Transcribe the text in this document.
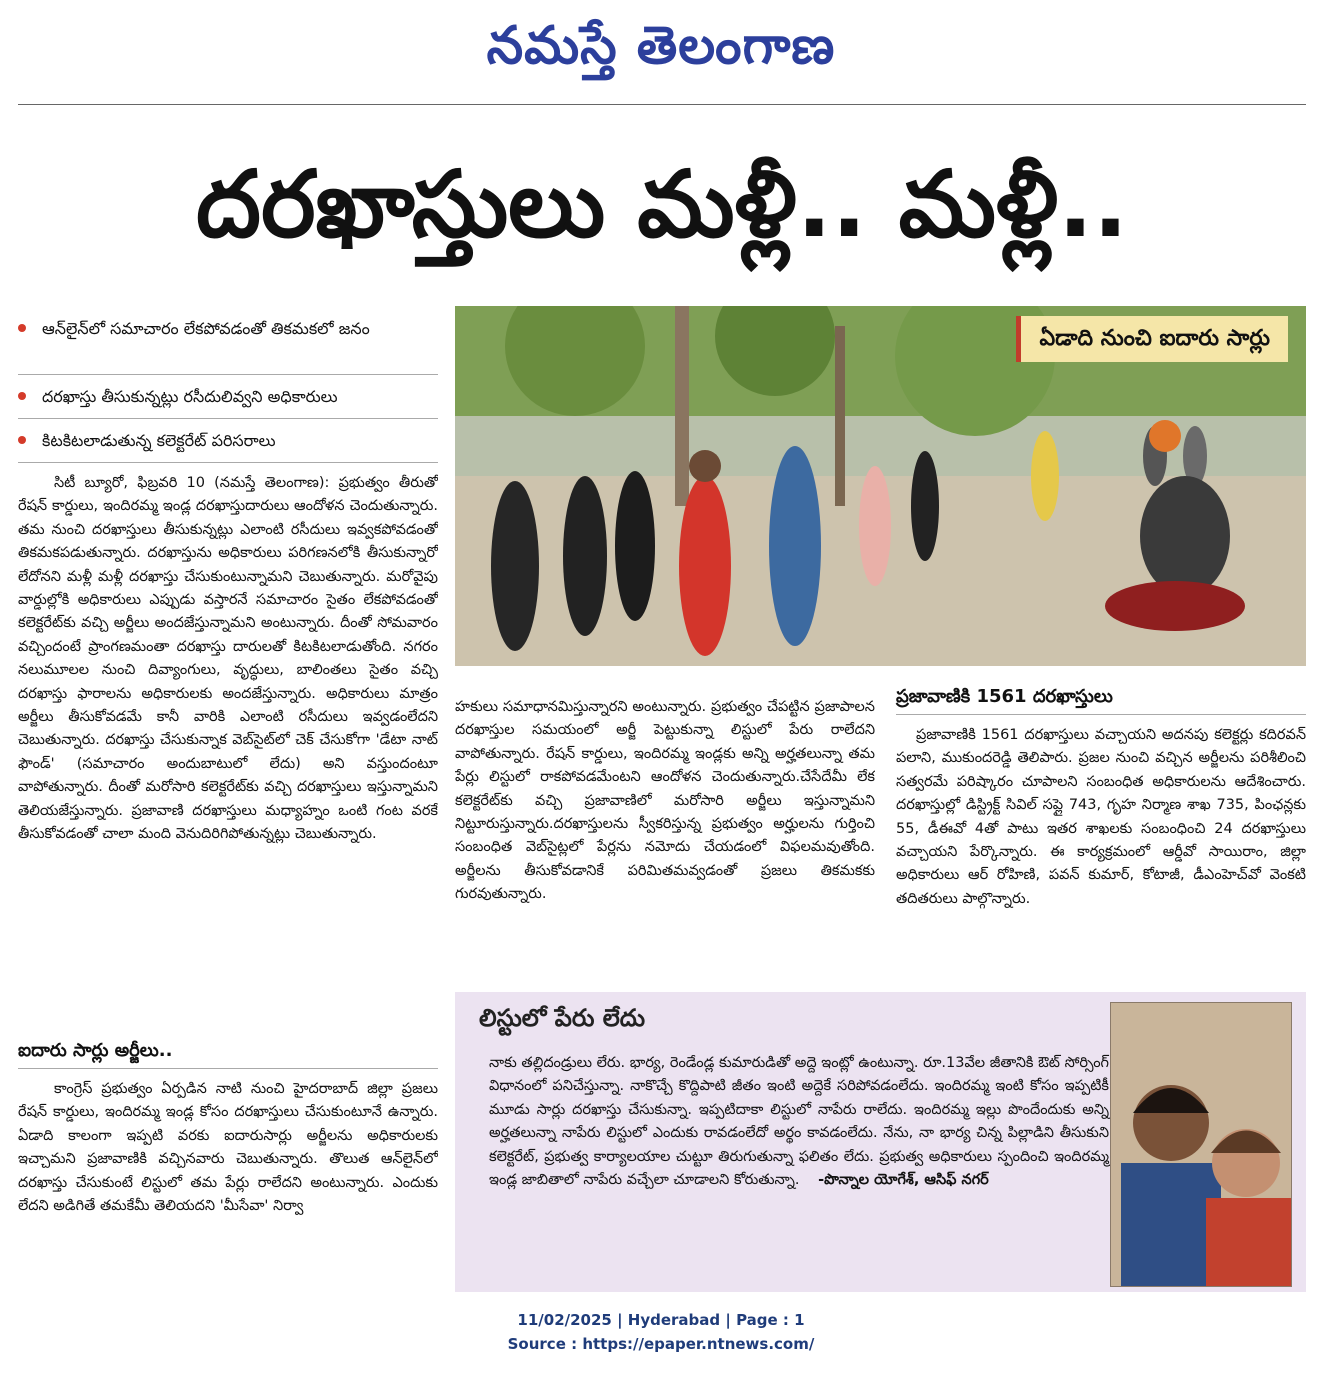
నమస్తే తెలంగాణ
దరఖాస్తులు మళ్లీ.. మళ్లీ..
ఆన్‌లైన్‌లో సమాచారం లేకపోవడంతో తికమకలో జనం
దరఖాస్తు తీసుకున్నట్లు రసీదులివ్వని అధికారులు
కిటకిటలాడుతున్న కలెక్టరేట్‌ పరిసరాలు
సిటీ బ్యూరో, ఫిబ్రవరి 10 (నమస్తే తెలంగాణ): ప్రభుత్వం తీరుతో రేషన్‌ కార్డులు, ఇందిరమ్మ ఇండ్ల దరఖాస్తుదారులు ఆందోళన చెందుతున్నారు. తమ నుంచి దరఖాస్తులు తీసుకున్నట్లు ఎలాంటి రసీదులు ఇవ్వకపోవడంతో తికమకపడుతున్నారు. దరఖాస్తును అధికారులు పరిగణనలోకి తీసుకున్నారో లేదోనని మళ్లీ మళ్లీ దరఖాస్తు చేసుకుంటున్నామని చెబుతున్నారు. మరోవైపు వార్డుల్లోకి అధికారులు ఎప్పుడు వస్తారనే సమాచారం సైతం లేకపోవడంతో కలెక్టరేట్‌కు వచ్చి అర్జీలు అందజేస్తున్నామని అంటున్నారు. దీంతో సోమవారం వచ్చిందంటే ప్రాంగణమంతా దరఖాస్తు దారులతో కిటకిటలాడుతోంది. నగరం నలుమూలల నుంచి దివ్యాంగులు, వృద్ధులు, బాలింతలు సైతం వచ్చి దరఖాస్తు ఫారాలను అధికారులకు అందజేస్తున్నారు. అధికారులు మాత్రం అర్జీలు తీసుకోవడమే కానీ వారికి ఎలాంటి రసీదులు ఇవ్వడంలేదని చెబుతున్నారు. దరఖాస్తు చేసుకున్నాక వెబ్‌సైట్‌లో చెక్‌ చేసుకోగా 'డేటా నాట్‌ ఫౌండ్‌' (సమాచారం అందుబాటులో లేదు) అని వస్తుందంటూ వాపోతున్నారు. దీంతో మరోసారి కలెక్టరేట్‌కు వచ్చి దరఖాస్తులు ఇస్తున్నామని తెలియజేస్తున్నారు. ప్రజావాణి దరఖాస్తులు మధ్యాహ్నం ఒంటి గంట వరకే తీసుకోవడంతో చాలా మంది వెనుదిరిగిపోతున్నట్లు చెబుతున్నారు.
ఐదారు సార్లు అర్జీలు..
కాంగ్రెస్‌ ప్రభుత్వం ఏర్పడిన నాటి నుంచి హైదరాబాద్‌ జిల్లా ప్రజలు రేషన్‌ కార్డులు, ఇందిరమ్మ ఇండ్ల కోసం దరఖాస్తులు చేసుకుంటూనే ఉన్నారు. ఏడాది కాలంగా ఇప్పటి వరకు ఐదారుసార్లు అర్జీలను అధికారులకు ఇచ్చామని ప్రజావాణికి వచ్చినవారు చెబుతున్నారు. తొలుత ఆన్‌లైన్‌లో దరఖాస్తు చేసుకుంటే లిస్టులో తమ పేర్లు రాలేదని అంటున్నారు. ఎందుకు లేదని అడిగితే తమకేమీ తెలియదని 'మీసేవా' నిర్వా
ఏడాది నుంచి ఐదారు సార్లు
హకులు సమాధానమిస్తున్నారని అంటున్నారు. ప్రభుత్వం చేపట్టిన ప్రజాపాలన దరఖాస్తుల సమయంలో అర్జీ పెట్టుకున్నా లిస్టులో పేరు రాలేదని వాపోతున్నారు. రేషన్‌ కార్డులు, ఇందిరమ్మ ఇండ్లకు అన్ని అర్హతలున్నా తమ పేర్లు లిస్టులో రాకపోవడమేంటని ఆందోళన చెందుతున్నారు.చేసేదేమీ లేక కలెక్టరేట్‌కు వచ్చి ప్రజావాణిలో మరోసారి అర్జీలు ఇస్తున్నామని నిట్టూరుస్తున్నారు.దరఖాస్తులను స్వీకరిస్తున్న ప్రభుత్వం అర్హులను గుర్తించి సంబంధిత వెబ్‌సైట్లలో పేర్లను నమోదు చేయడంలో విఫలమవుతోంది. అర్జీలను తీసుకోవడానికే పరిమితమవ్వడంతో ప్రజలు తికమకకు గురవుతున్నారు.
ప్రజావాణికి 1561 దరఖాస్తులు
ప్రజావాణికి 1561 దరఖాస్తులు వచ్చాయని అదనపు కలెక్టర్లు కదిరవన్‌ పలాని, ముకుందరెడ్డి తెలిపారు. ప్రజల నుంచి వచ్చిన అర్జీలను పరిశీలించి సత్వరమే పరిష్కారం చూపాలని సంబంధిత అధికారులను ఆదేశించారు. దరఖాస్తుల్లో డిస్ట్రిక్ట్‌ సివిల్‌ సప్లై 743, గృహ నిర్మాణ శాఖ 735, పింఛన్లకు 55, డీఈవో 4తో పాటు ఇతర శాఖలకు సంబంధించి 24 దరఖాస్తులు వచ్చాయని పేర్కొన్నారు. ఈ కార్యక్రమంలో ఆర్డీవో సాయిరాం, జిల్లా అధికారులు ఆర్‌ రోహిణి, పవన్‌ కుమార్‌, కోటాజీ, డీఎంహెచ్‌వో వెంకటి తదితరులు పాల్గొన్నారు.
లిస్టులో పేరు లేదు
నాకు తల్లిదండ్రులు లేరు. భార్య, రెండేండ్ల కుమారుడితో అద్దె ఇంట్లో ఉంటున్నా. రూ.13వేల జీతానికి ఔట్‌ సోర్సింగ్‌ విధానంలో పనిచేస్తున్నా. నాకొచ్చే కొద్దిపాటి జీతం ఇంటి అద్దెకే సరిపోవడంలేదు. ఇందిరమ్మ ఇంటి కోసం ఇప్పటికీ మూడు సార్లు దరఖాస్తు చేసుకున్నా. ఇప్పటిదాకా లిస్టులో నాపేరు రాలేదు. ఇందిరమ్మ ఇల్లు పొందేందుకు అన్ని అర్హతలున్నా నాపేరు లిస్టులో ఎందుకు రావడంలేదో అర్థం కావడంలేదు. నేను, నా భార్య చిన్న పిల్లాడిని తీసుకుని కలెక్టరేట్‌, ప్రభుత్వ కార్యాలయాల చుట్టూ తిరుగుతున్నా ఫలితం లేదు. ప్రభుత్వ అధికారులు స్పందించి ఇందిరమ్మ ఇండ్ల జాబితాలో నాపేరు వచ్చేలా చూడాలని కోరుతున్నా. -పొన్నాల యోగేశ్‌, ఆసిఫ్‌ నగర్‌
11/02/2025 | Hyderabad | Page : 1
Source : https://epaper.ntnews.com/
